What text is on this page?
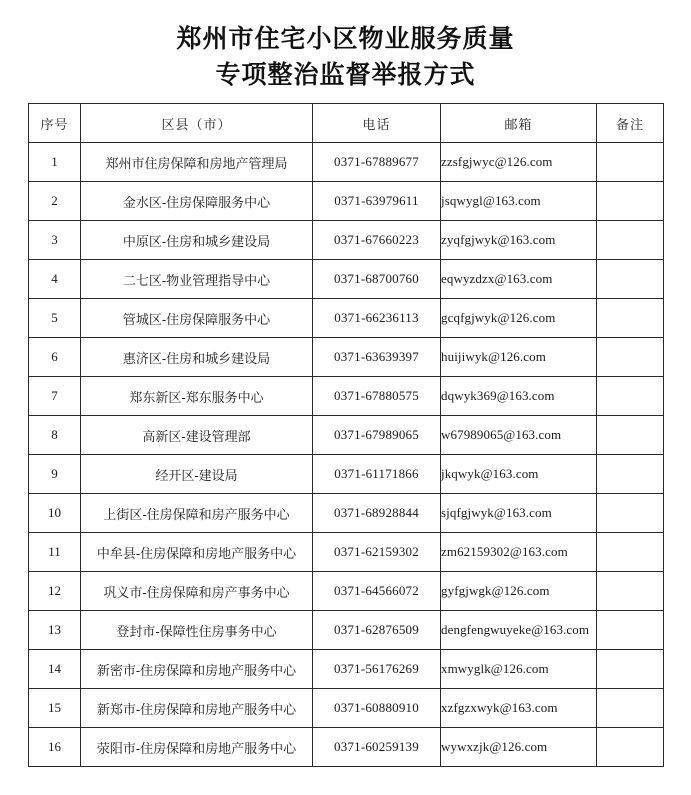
郑州市住宅小区物业服务质量
专项整治监督举报方式
序号	区县（市）	电话	邮箱	备注
1	郑州市住房保障和房地产管理局	0371-67889677	zzsfgjwyc@126.com	
2	金水区-住房保障服务中心	0371-63979611	jsqwygl@163.com	
3	中原区-住房和城乡建设局	0371-67660223	zyqfgjwyk@163.com	
4	二七区-物业管理指导中心	0371-68700760	eqwyzdzx@163.com	
5	管城区-住房保障服务中心	0371-66236113	gcqfgjwyk@126.com	
6	惠济区-住房和城乡建设局	0371-63639397	huijiwyk@126.com	
7	郑东新区-郑东服务中心	0371-67880575	dqwyk369@163.com	
8	高新区-建设管理部	0371-67989065	w67989065@163.com	
9	经开区-建设局	0371-61171866	jkqwyk@163.com	
10	上街区-住房保障和房产服务中心	0371-68928844	sjqfgjwyk@163.com	
11	中牟县-住房保障和房地产服务中心	0371-62159302	zm62159302@163.com	
12	巩义市-住房保障和房产事务中心	0371-64566072	gyfgjwgk@126.com	
13	登封市-保障性住房事务中心	0371-62876509	dengfengwuyeke@163.com	
14	新密市-住房保障和房地产服务中心	0371-56176269	xmwyglk@126.com	
15	新郑市-住房保障和房地产服务中心	0371-60880910	xzfgzxwyk@163.com	
16	荥阳市-住房保障和房地产服务中心	0371-60259139	wywxzjk@126.com	
